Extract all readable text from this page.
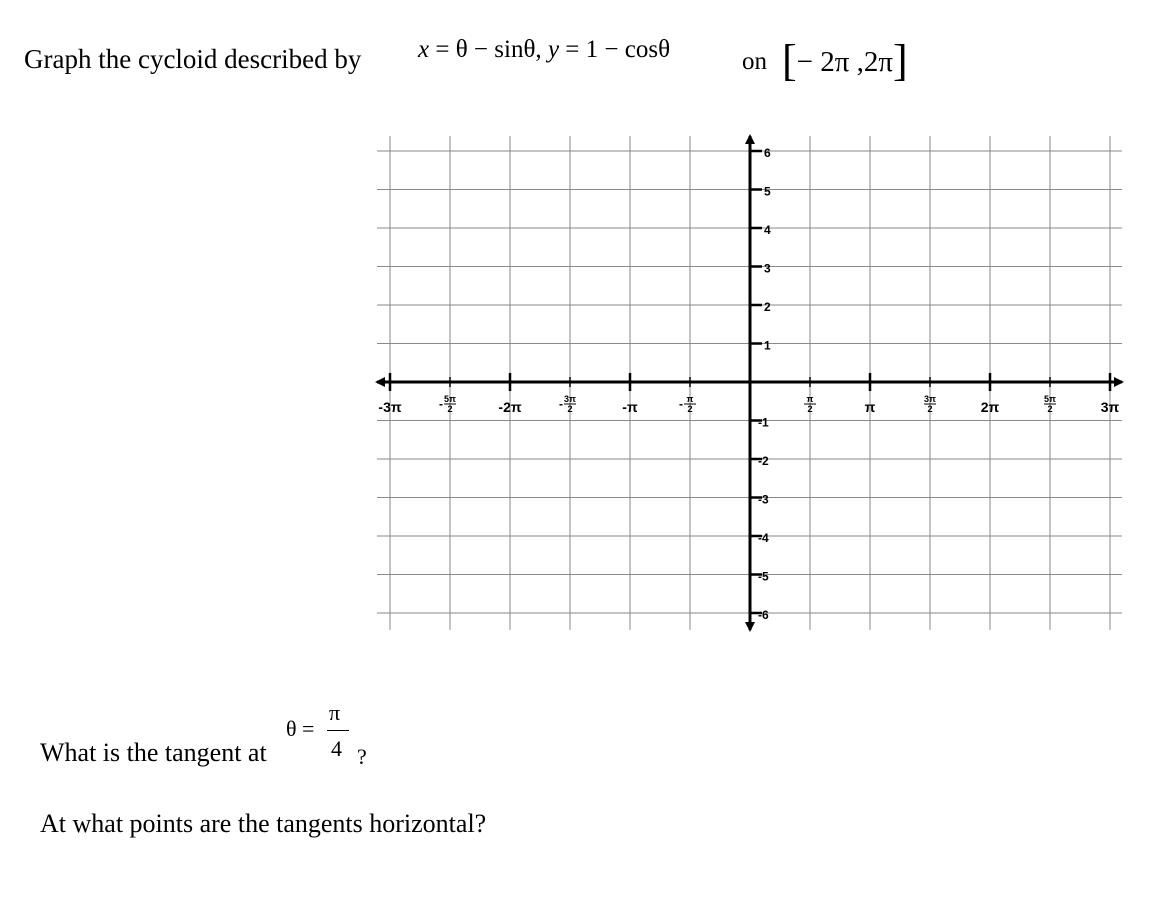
Graph the cycloid described by x = θ − sinθ, y = 1 − cosθ	on [− 2π ,2π]
-3π	- 5π
2	-2π	- 3π
2	-π	- π
2
π
2	π	3π
2	2π	5π
2	3π
6
5
4
3
2
1
-1
-2
-3
-4
-5
-6
What is the tangent at
θ =
π
4 ?
At what points are the tangents horizontal?
